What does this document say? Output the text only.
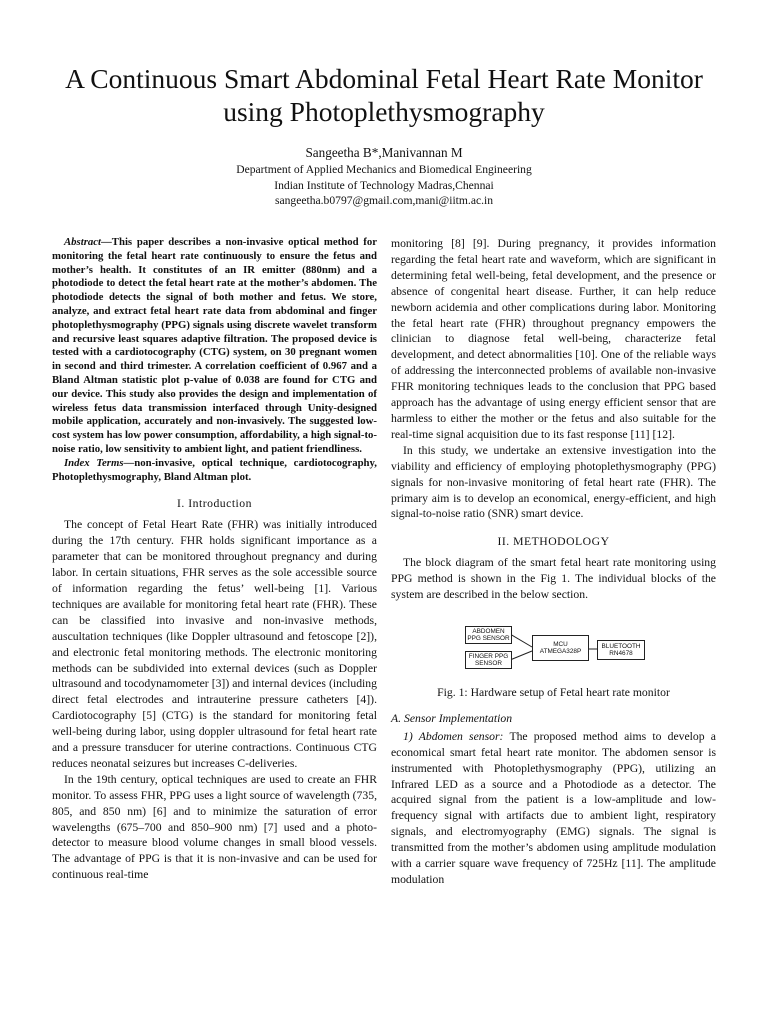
A Continuous Smart Abdominal Fetal Heart Rate Monitor using Photoplethysmography
Sangeetha B*,Manivannan M
Department of Applied Mechanics and Biomedical Engineering
Indian Institute of Technology Madras,Chennai
sangeetha.b0797@gmail.com,mani@iitm.ac.in

Abstract—This paper describes a non-invasive optical method for monitoring the fetal heart rate continuously to ensure the fetus and mother’s health. It constitutes of an IR emitter (880nm) and a photodiode to detect the fetal heart rate at the mother’s abdomen. The photodiode detects the signal of both mother and fetus. We store, analyze, and extract fetal heart rate data from abdominal and finger photoplethysmography (PPG) signals using discrete wavelet transform and recursive least squares adaptive filtration. The proposed device is tested with a cardiotocography (CTG) system, on 30 pregnant women in second and third trimester. A correlation coefficient of 0.967 and a Bland Altman statistic plot p-value of 0.038 are found for CTG and our device. This study also provides the design and implementation of wireless fetus data transmission interfaced through Unity-designed mobile application, accurately and non-invasively. The suggested low-cost system has low power consumption, affordability, a high signal-to-noise ratio, low sensitivity to ambient light, and patient friendliness.

Index Terms—non-invasive, optical technique, cardiotocography, Photoplethysmography, Bland Altman plot.

I. Introduction

The concept of Fetal Heart Rate (FHR) was initially introduced during the 17th century. FHR holds significant importance as a parameter that can be monitored throughout pregnancy and during labor. In certain situations, FHR serves as the sole accessible source of information regarding the fetus’ well-being [1]. Various techniques are available for monitoring fetal heart rate (FHR). These can be classified into invasive and non-invasive methods, auscultation techniques (like Doppler ultrasound and fetoscope [2]), and electronic fetal monitoring methods. The electronic monitoring methods can be subdivided into external devices (such as Doppler ultrasound and tocodynamometer [3]) and internal devices (including direct fetal electrodes and intrauterine pressure catheters [4]). Cardiotocography [5] (CTG) is the standard for monitoring fetal well-being during labor, using doppler ultrasound for fetal heart rate and a pressure transducer for uterine contractions. Continuous CTG reduces neonatal seizures but increases C-deliveries.

In the 19th century, optical techniques are used to create an FHR monitor. To assess FHR, PPG uses a light source of wavelength (735, 805, and 850 nm) [6] and to minimize the saturation of error wavelengths (675–700 and 850–900 nm) [7] used and a photo-detector to measure blood volume changes in small blood vessels. The advantage of PPG is that it is non-invasive and can be used for continuous real-time

monitoring [8] [9]. During pregnancy, it provides information regarding the fetal heart rate and waveform, which are significant in determining fetal well-being, fetal development, and the presence or absence of congenital heart disease. Further, it can help reduce newborn acidemia and other complications during labor. Monitoring the fetal heart rate (FHR) throughout pregnancy empowers the clinician to diagnose fetal well-being, characterize fetal development, and detect abnormalities [10]. One of the reliable ways of addressing the interconnected problems of available non-invasive FHR monitoring techniques leads to the conclusion that PPG based approach has the advantage of using energy efficient sensor that are harmless to either the mother or the fetus and also suitable for the real-time signal acquisition due to its fast response [11] [12].

In this study, we undertake an extensive investigation into the viability and efficiency of employing photoplethysmography (PPG) signals for non-invasive monitoring of fetal heart rate (FHR). The primary aim is to develop an economical, energy-efficient, and high signal-to-noise ratio (SNR) smart device.

II. METHODOLOGY

The block diagram of the smart fetal heart rate monitoring using PPG method is shown in the Fig 1. The individual blocks of the system are described in the below section.

ABDOMEN PPG SENSOR
FINGER PPG SENSOR
MCU ATMEGA328P
BLUETOOTH RN4678
Fig. 1: Hardware setup of Fetal heart rate monitor
A. Sensor Implementation

1) Abdomen sensor: The proposed method aims to develop a economical smart fetal heart rate monitor. The abdomen sensor is instrumented with Photoplethysmography (PPG), utilizing an Infrared LED as a source and a Photodiode as a detector. The acquired signal from the patient is a low-amplitude and low-frequency signal with artifacts due to ambient light, respiratory signals, and electromyography (EMG) signals. The signal is transmitted from the mother’s abdomen using amplitude modulation with a carrier square wave frequency of 725Hz [11]. The amplitude modulation
